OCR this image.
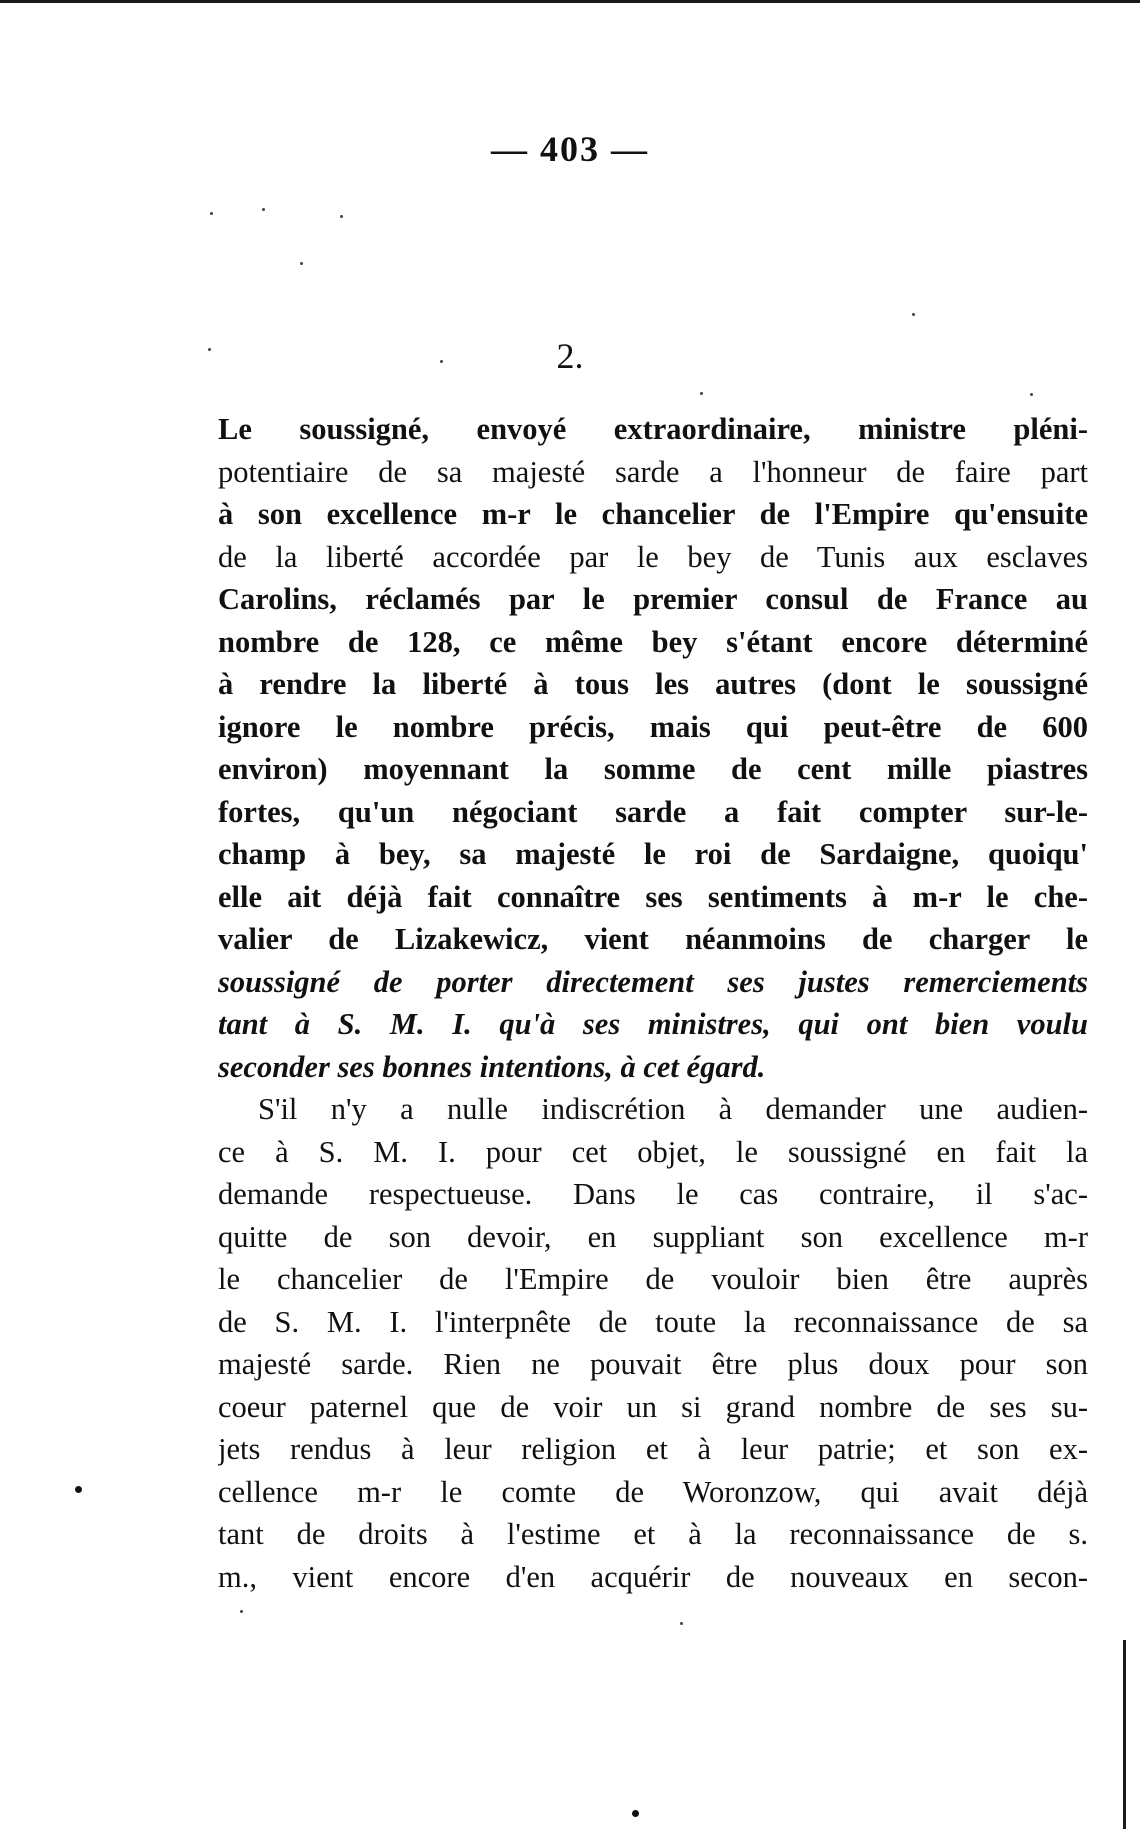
— 403 —
2.
Le soussigné, envoyé extraordinaire, ministre pléni-
potentiaire de sa majesté sarde a l'honneur de faire part
à son excellence m-r le chancelier de l'Empire qu'ensuite
de la liberté accordée par le bey de Tunis aux esclaves
Carolins, réclamés par le premier consul de France au
nombre de 128, ce même bey s'étant encore déterminé
à rendre la liberté à tous les autres (dont le soussigné
ignore le nombre précis, mais qui peut-être de 600
environ) moyennant la somme de cent mille piastres
fortes, qu'un négociant sarde a fait compter sur-le-
champ à bey, sa majesté le roi de Sardaigne, quoiqu'
elle ait déjà fait connaître ses sentiments à m-r le che-
valier de Lizakewicz, vient néanmoins de charger le
soussigné de porter directement ses justes remerciements
tant à S. M. I. qu'à ses ministres, qui ont bien voulu
seconder ses bonnes intentions, à cet égard.
S'il n'y a nulle indiscrétion à demander une audien-
ce à S. M. I. pour cet objet, le soussigné en fait la
demande respectueuse. Dans le cas contraire, il s'ac-
quitte de son devoir, en suppliant son excellence m-r
le chancelier de l'Empire de vouloir bien être auprès
de S. M. I. l'interpnête de toute la reconnaissance de sa
majesté sarde. Rien ne pouvait être plus doux pour son
coeur paternel que de voir un si grand nombre de ses su-
jets rendus à leur religion et à leur patrie; et son ex-
cellence m-r le comte de Woronzow, qui avait déjà
tant de droits à l'estime et à la reconnaissance de s.
m., vient encore d'en acquérir de nouveaux en secon-
